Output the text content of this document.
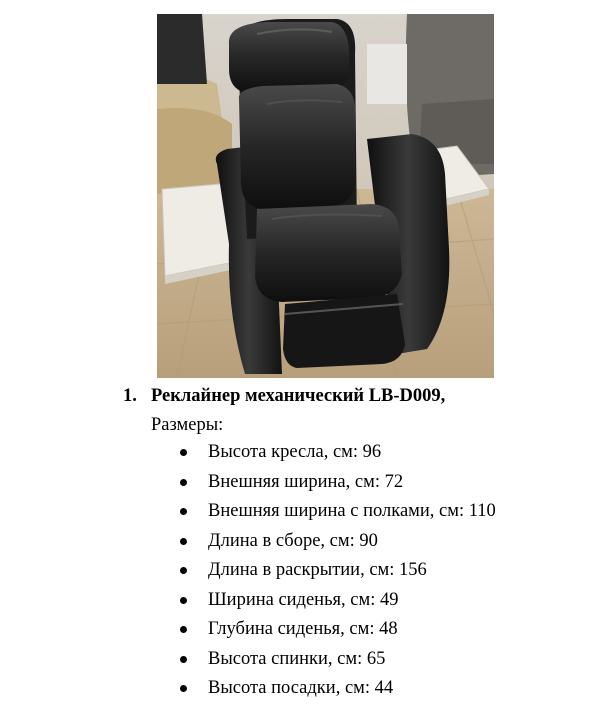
1. Реклайнер механический LB-D009,
Размеры:
Высота кресла, см: 96
Внешняя ширина, см: 72
Внешняя ширина с полками, см: 110
Длина в сборе, см: 90
Длина в раскрытии, см: 156
Ширина сиденья, см: 49
Глубина сиденья, см: 48
Высота спинки, см: 65
Высота посадки, см: 44
